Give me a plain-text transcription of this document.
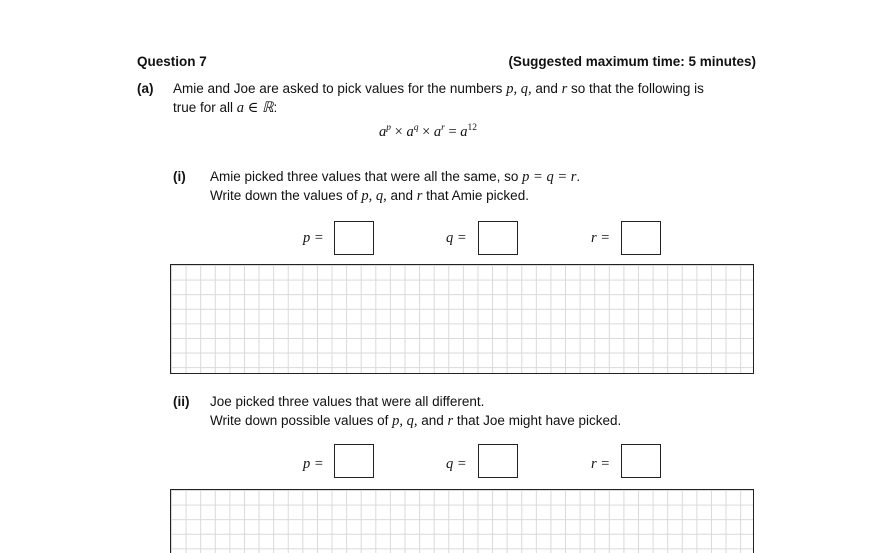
Question 7	(Suggested maximum time: 5 minutes)
(a) Amie and Joe are asked to pick values for the numbers p, q, and r so that the following is
true for all a ∈ ℝ:
$a^p \times a^q \times a^r = a^{12}$
(i) Amie picked three values that were all the same, so p = q = r.
Write down the values of p, q, and r that Amie picked.
p =	q =	r =
(ii) Joe picked three values that were all different.
Write down possible values of p, q, and r that Joe might have picked.
p =	q =	r =
